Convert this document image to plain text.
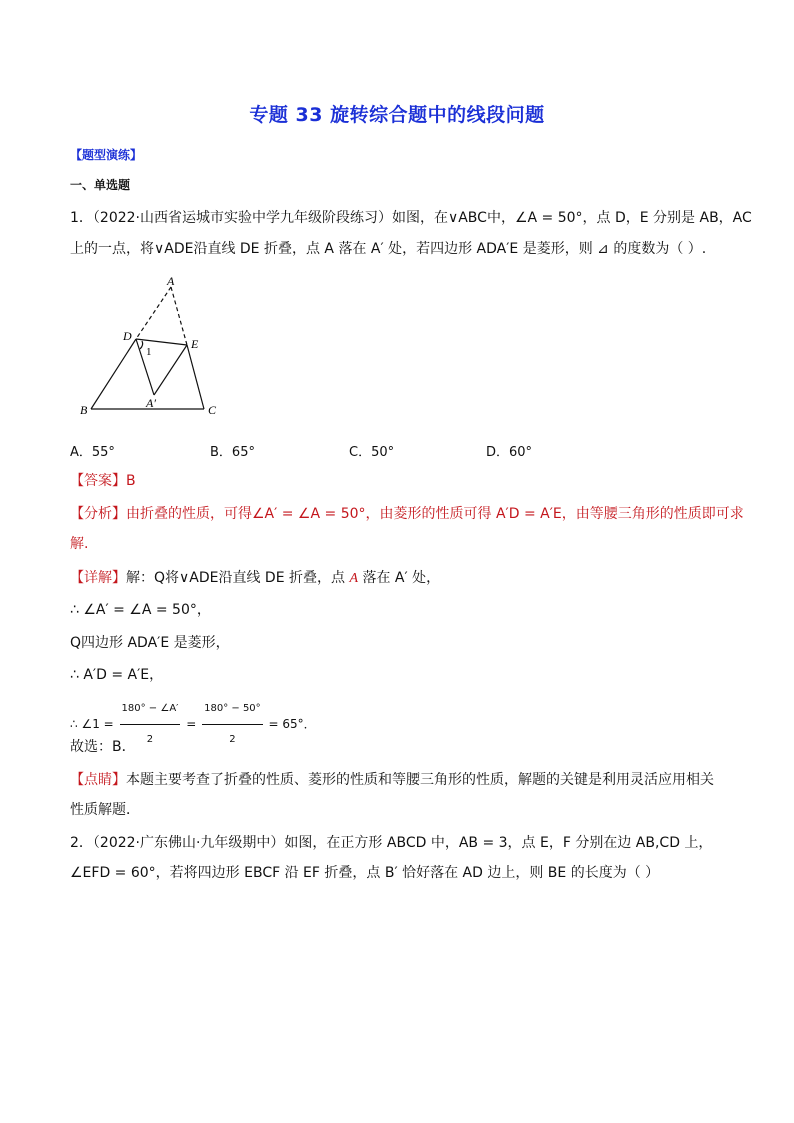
专题 33 旋转综合题中的线段问题
【题型演练】
一、单选题
1．（2022·山西省运城市实验中学九年级阶段练习）如图，在∨ABC中，∠A = 50°，点 D，E 分别是 AB，AC
上的一点，将∨ADE沿直线 DE 折叠，点 A 落在 A′ 处，若四边形 ADA′E 是菱形，则 ⊿ 的度数为（ ）.
A
D
E
1
A′
B	C
A．55°	B．65°	C．50°	D．60°
【答案】B
【分析】由折叠的性质，可得∠A′ = ∠A = 50°，由菱形的性质可得 A′D = A′E，由等腰三角形的性质即可求
解.
【详解】解：Q将∨ADE沿直线 DE 折叠，点 A 落在 A′ 处，
∴ ∠A′ = ∠A = 50°，
Q四边形 ADA′E 是菱形，
∴ A′D = A′E，
∴ ∠1 = $\frac{180^\circ - \angle A'}{2} = \frac{180^\circ - 50^\circ}{2} = 65^\circ$．
故选：B．
【点睛】本题主要考查了折叠的性质、菱形的性质和等腰三角形的性质，解题的关键是利用灵活应用相关
性质解题．
2．（2022·广东佛山·九年级期中）如图，在正方形 ABCD 中，AB = 3，点 E，F 分别在边 AB,CD 上，
∠EFD = 60°，若将四边形 EBCF 沿 EF 折叠，点 B′ 恰好落在 AD 边上，则 BE 的长度为（ ）
